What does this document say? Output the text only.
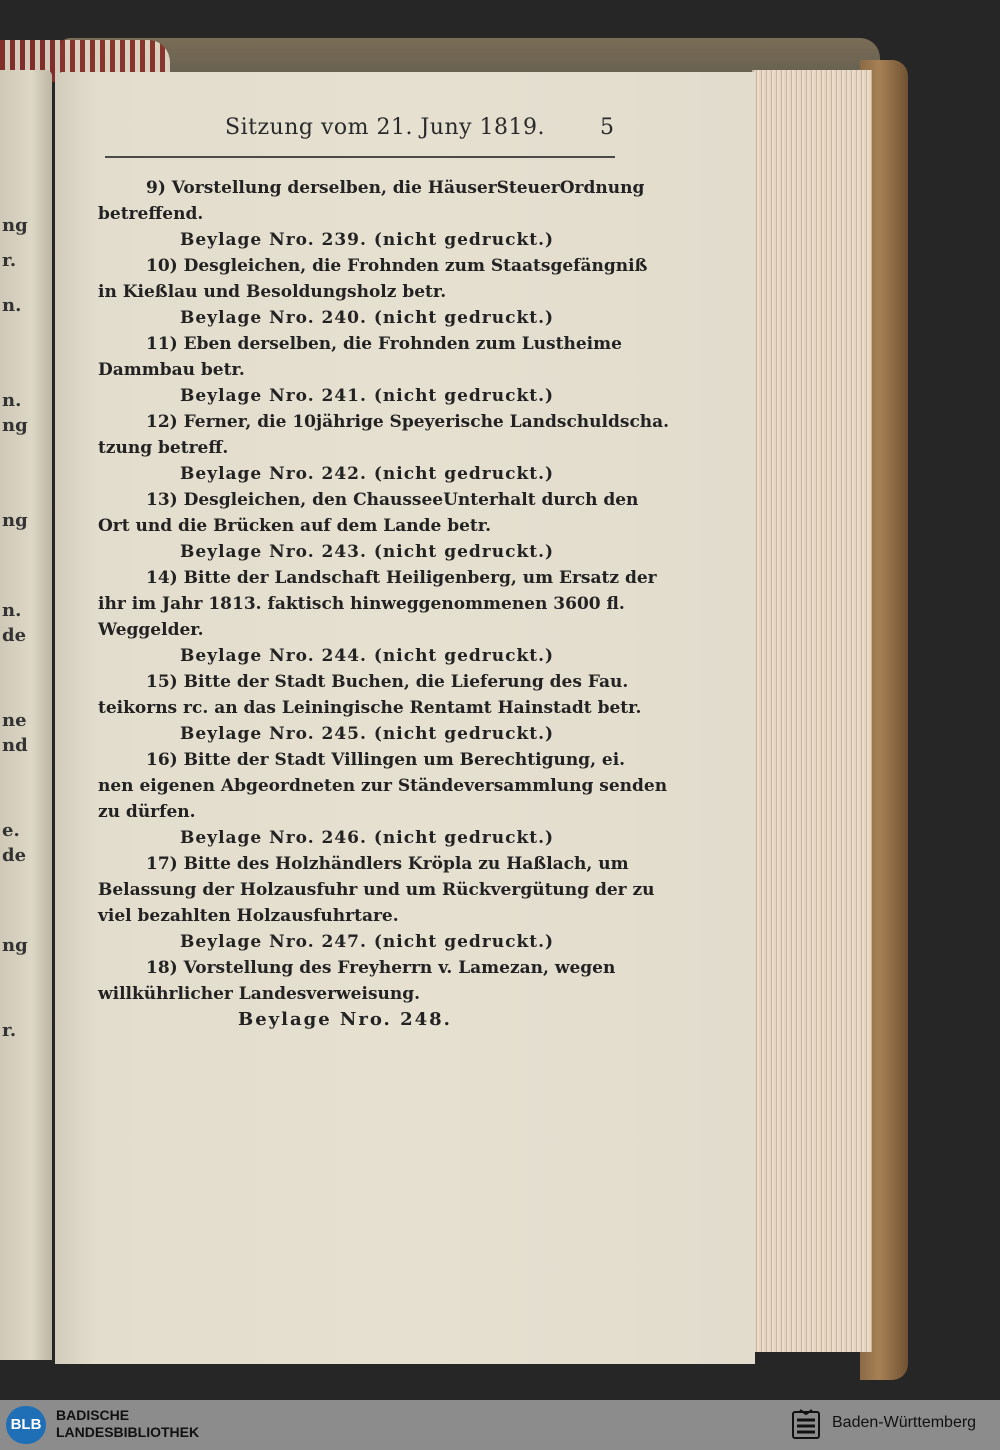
ng
r.
n.
n.
ng
ng
n.
de
ne
nd
e.
de
ng
r.
Sitzung vom 21. Juny 1819. 5
9) Vorstellung derselben, die HäuserSteuerOrdnung
betreffend.
Beylage Nro. 239. (nicht gedruckt.)
10) Desgleichen, die Frohnden zum Staatsgefängniß
in Kießlau und Besoldungsholz betr.
Beylage Nro. 240. (nicht gedruckt.)
11) Eben derselben, die Frohnden zum Lustheime
Dammbau betr.
Beylage Nro. 241. (nicht gedruckt.)
12) Ferner, die 10jährige Speyerische Landschuldscha.
tzung betreff.
Beylage Nro. 242. (nicht gedruckt.)
13) Desgleichen, den ChausseeUnterhalt durch den
Ort und die Brücken auf dem Lande betr.
Beylage Nro. 243. (nicht gedruckt.)
14) Bitte der Landschaft Heiligenberg, um Ersatz der
ihr im Jahr 1813. faktisch hinweggenommenen 3600 fl.
Weggelder.
Beylage Nro. 244. (nicht gedruckt.)
15) Bitte der Stadt Buchen, die Lieferung des Fau.
teikorns rc. an das Leiningische Rentamt Hainstadt betr.
Beylage Nro. 245. (nicht gedruckt.)
16) Bitte der Stadt Villingen um Berechtigung, ei.
nen eigenen Abgeordneten zur Ständeversammlung senden
zu dürfen.
Beylage Nro. 246. (nicht gedruckt.)
17) Bitte des Holzhändlers Kröpla zu Haßlach, um
Belassung der Holzausfuhr und um Rückvergütung der zu
viel bezahlten Holzausfuhrtare.
Beylage Nro. 247. (nicht gedruckt.)
18) Vorstellung des Freyherrn v. Lamezan, wegen
willkührlicher Landesverweisung.
Beylage Nro. 248.
BLB
BADISCHE
LANDESBIBLIOTHEK
Baden-Württemberg
